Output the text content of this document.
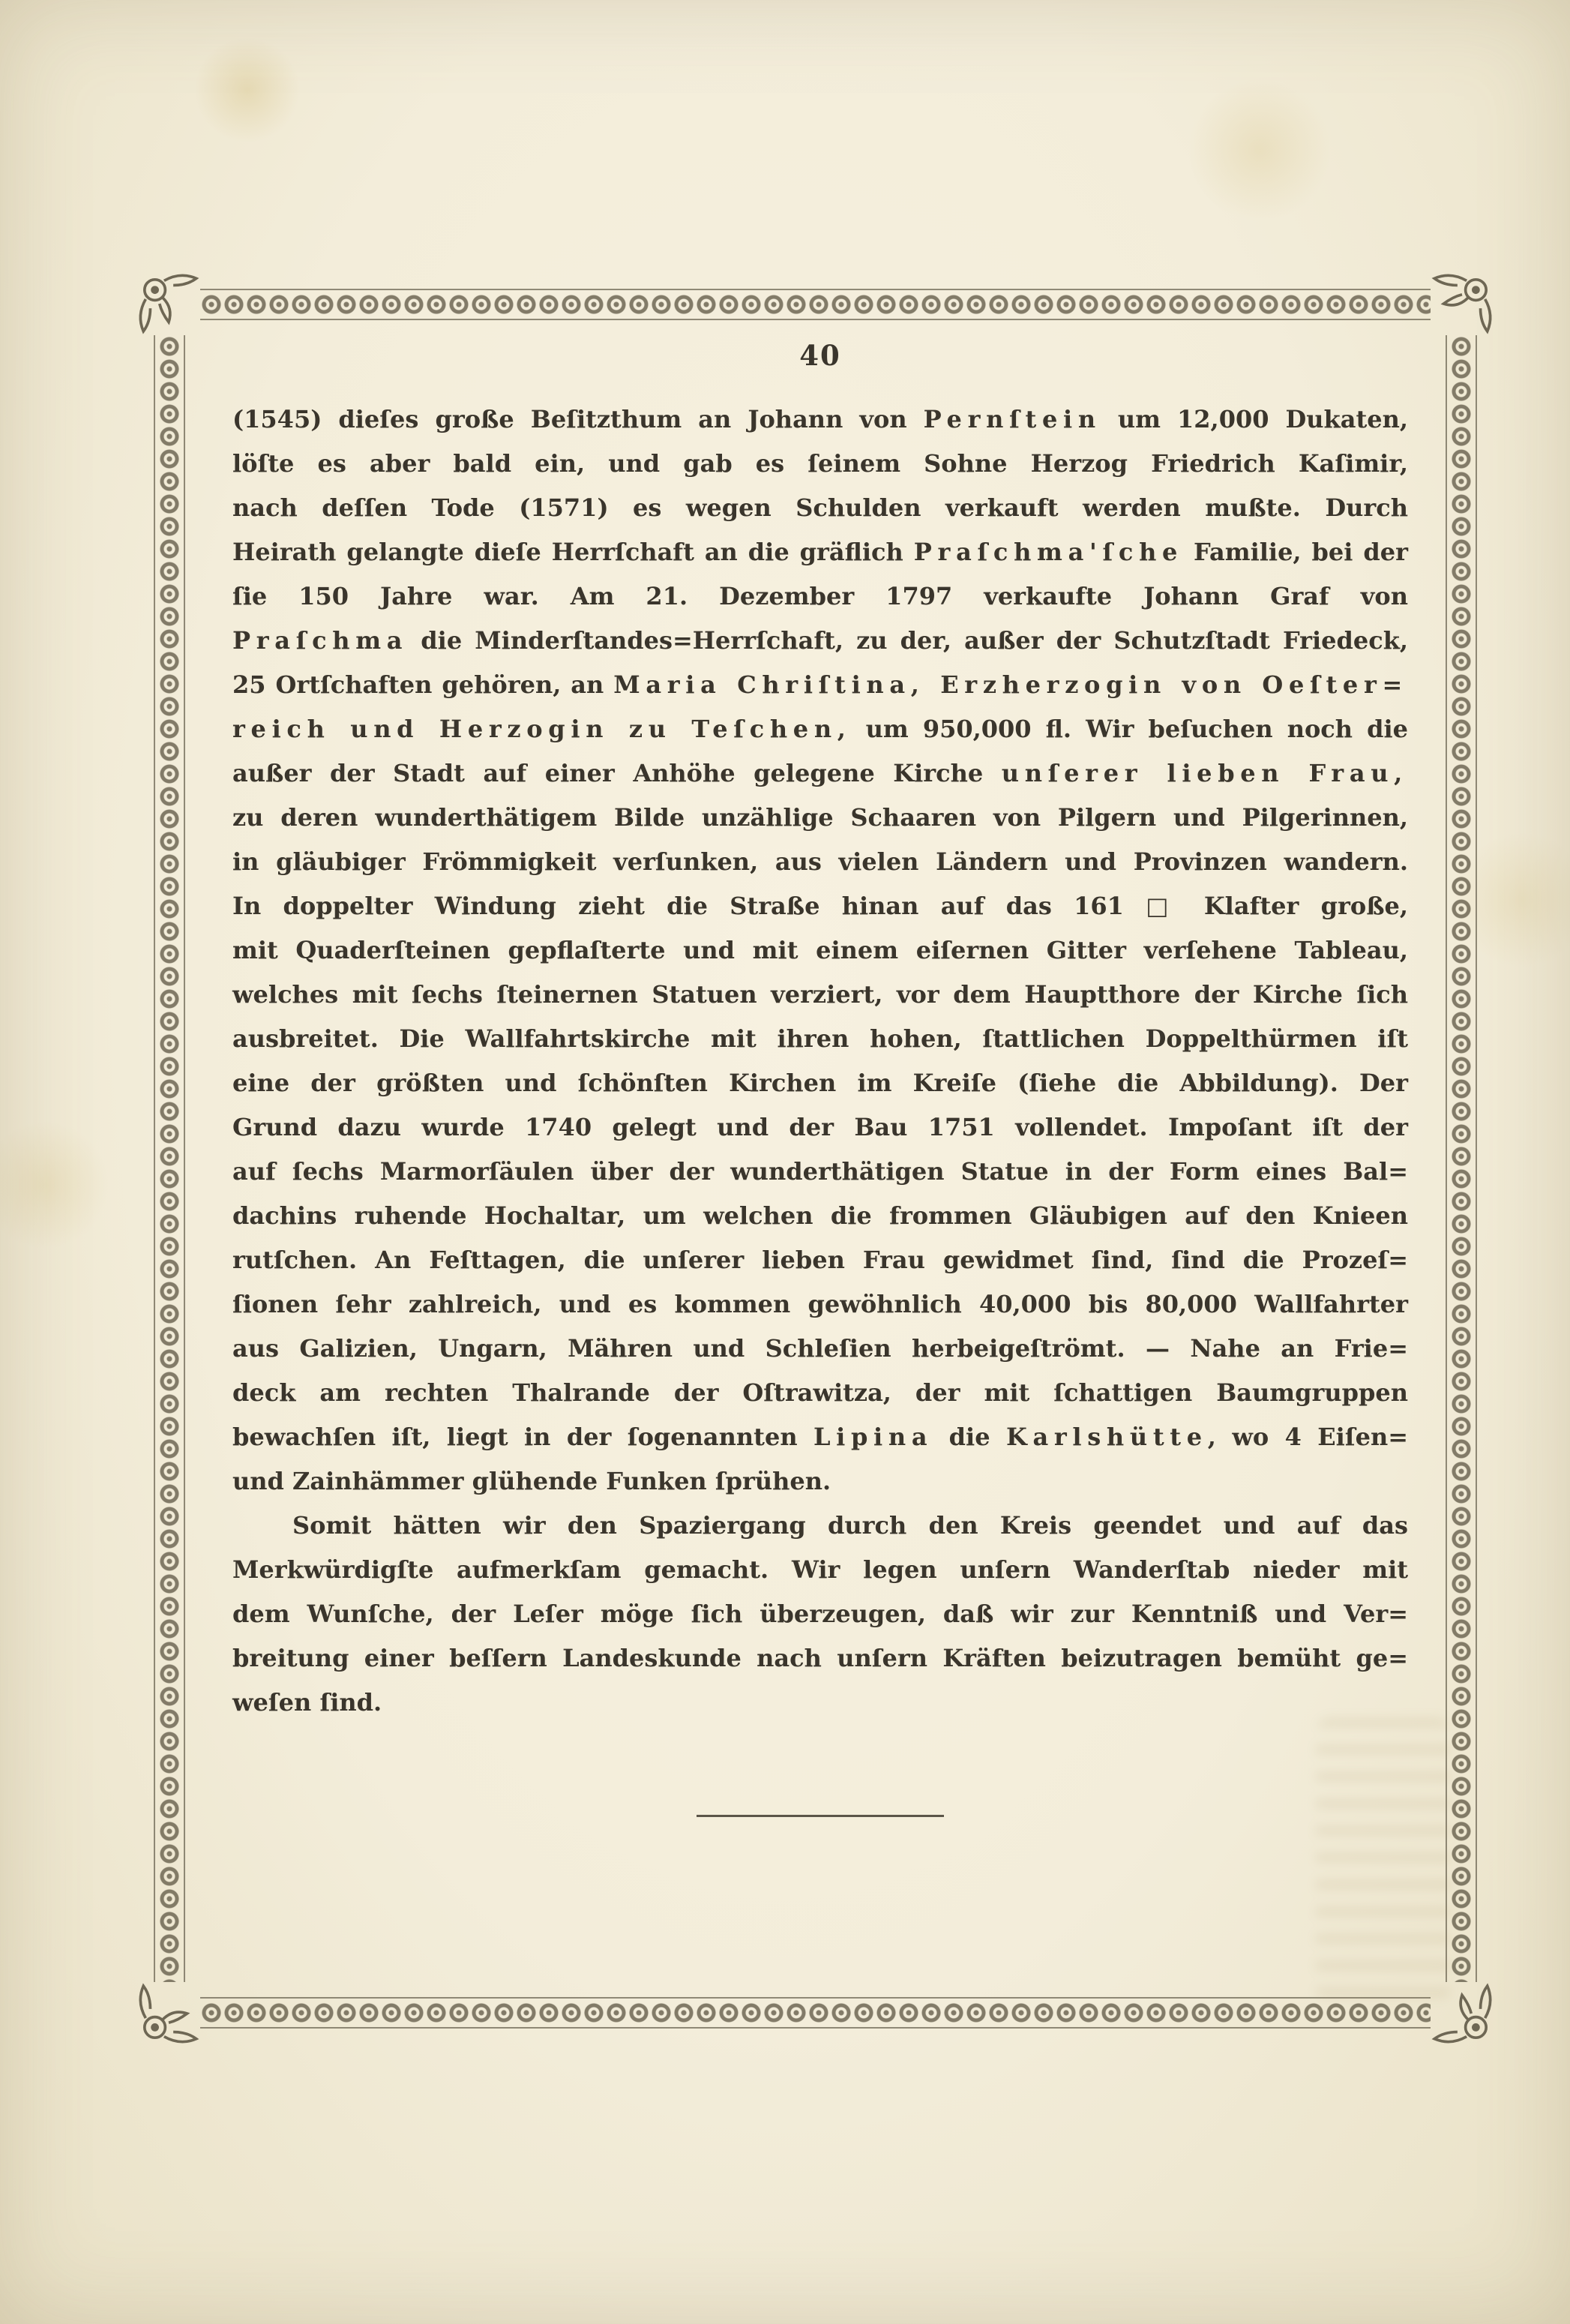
40
(1545) dieſes große Beſitzthum an Johann von Pernſtein um 12,000 Dukaten,
löſte es aber bald ein, und gab es ſeinem Sohne Herzog Friedrich Kaſimir,
nach deſſen Tode (1571) es wegen Schulden verkauft werden mußte. Durch
Heirath gelangte dieſe Herrſchaft an die gräflich Praſchma'ſche Familie, bei der
ſie 150 Jahre war. Am 21. Dezember 1797 verkaufte Johann Graf von
Praſchma die Minderſtandes=Herrſchaft, zu der, außer der Schutzſtadt Friedeck,
25 Ortſchaften gehören, an Maria Chriſtina, Erzherzogin von Oeſter=
reich und Herzogin zu Teſchen, um 950,000 fl. Wir beſuchen noch die
außer der Stadt auf einer Anhöhe gelegene Kirche unſerer lieben Frau,
zu deren wunderthätigem Bilde unzählige Schaaren von Pilgern und Pilgerinnen,
in gläubiger Frömmigkeit verſunken, aus vielen Ländern und Provinzen wandern.
In doppelter Windung zieht die Straße hinan auf das 161 □ Klafter große,
mit Quaderſteinen gepflaſterte und mit einem eiſernen Gitter verſehene Tableau,
welches mit ſechs ſteinernen Statuen verziert, vor dem Hauptthore der Kirche ſich
ausbreitet. Die Wallfahrtskirche mit ihren hohen, ſtattlichen Doppelthürmen iſt
eine der größten und ſchönſten Kirchen im Kreiſe (ſiehe die Abbildung). Der
Grund dazu wurde 1740 gelegt und der Bau 1751 vollendet. Impoſant iſt der
auf ſechs Marmorſäulen über der wunderthätigen Statue in der Form eines Bal=
dachins ruhende Hochaltar, um welchen die frommen Gläubigen auf den Knieen
rutſchen. An Feſttagen, die unſerer lieben Frau gewidmet ſind, ſind die Prozeſ=
ſionen ſehr zahlreich, und es kommen gewöhnlich 40,000 bis 80,000 Wallfahrter
aus Galizien, Ungarn, Mähren und Schleſien herbeigeſtrömt. — Nahe an Frie=
deck am rechten Thalrande der Oſtrawitza, der mit ſchattigen Baumgruppen
bewachſen iſt, liegt in der ſogenannten Lipina die Karlshütte, wo 4 Eiſen=
und Zainhämmer glühende Funken ſprühen.
Somit hätten wir den Spaziergang durch den Kreis geendet und auf das
Merkwürdigſte aufmerkſam gemacht. Wir legen unſern Wanderſtab nieder mit
dem Wunſche, der Leſer möge ſich überzeugen, daß wir zur Kenntniß und Ver=
breitung einer beſſern Landeskunde nach unſern Kräften beizutragen bemüht ge=
weſen ſind.
